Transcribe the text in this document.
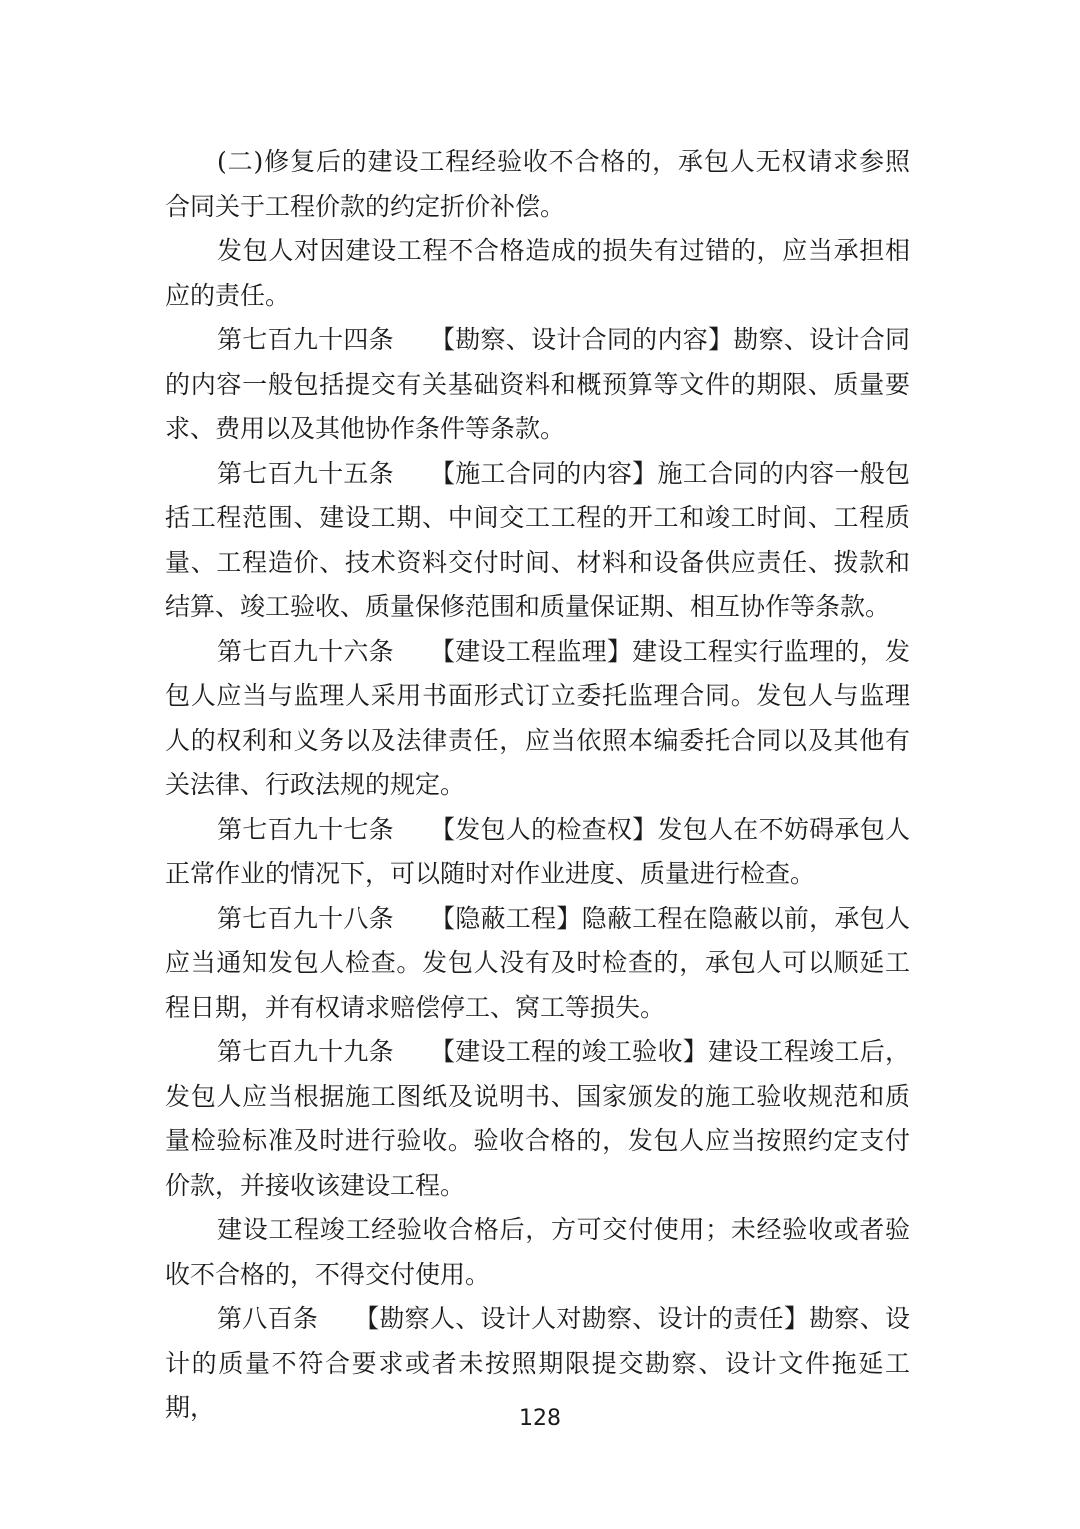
(二)修复后的建设工程经验收不合格的，承包人无权请求参照合同关于工程价款的约定折价补偿。

发包人对因建设工程不合格造成的损失有过错的，应当承担相应的责任。

第七百九十四条 【勘察、设计合同的内容】勘察、设计合同的内容一般包括提交有关基础资料和概预算等文件的期限、质量要求、费用以及其他协作条件等条款。

第七百九十五条 【施工合同的内容】施工合同的内容一般包括工程范围、建设工期、中间交工工程的开工和竣工时间、工程质量、工程造价、技术资料交付时间、材料和设备供应责任、拨款和结算、竣工验收、质量保修范围和质量保证期、相互协作等条款。

第七百九十六条 【建设工程监理】建设工程实行监理的，发包人应当与监理人采用书面形式订立委托监理合同。发包人与监理人的权利和义务以及法律责任，应当依照本编委托合同以及其他有关法律、行政法规的规定。

第七百九十七条 【发包人的检查权】发包人在不妨碍承包人正常作业的情况下，可以随时对作业进度、质量进行检查。

第七百九十八条 【隐蔽工程】隐蔽工程在隐蔽以前，承包人应当通知发包人检查。发包人没有及时检查的，承包人可以顺延工程日期，并有权请求赔偿停工、窝工等损失。

第七百九十九条 【建设工程的竣工验收】建设工程竣工后，发包人应当根据施工图纸及说明书、国家颁发的施工验收规范和质量检验标准及时进行验收。验收合格的，发包人应当按照约定支付价款，并接收该建设工程。

建设工程竣工经验收合格后，方可交付使用；未经验收或者验收不合格的，不得交付使用。

第八百条 【勘察人、设计人对勘察、设计的责任】勘察、设计的质量不符合要求或者未按照期限提交勘察、设计文件拖延工期，	128
